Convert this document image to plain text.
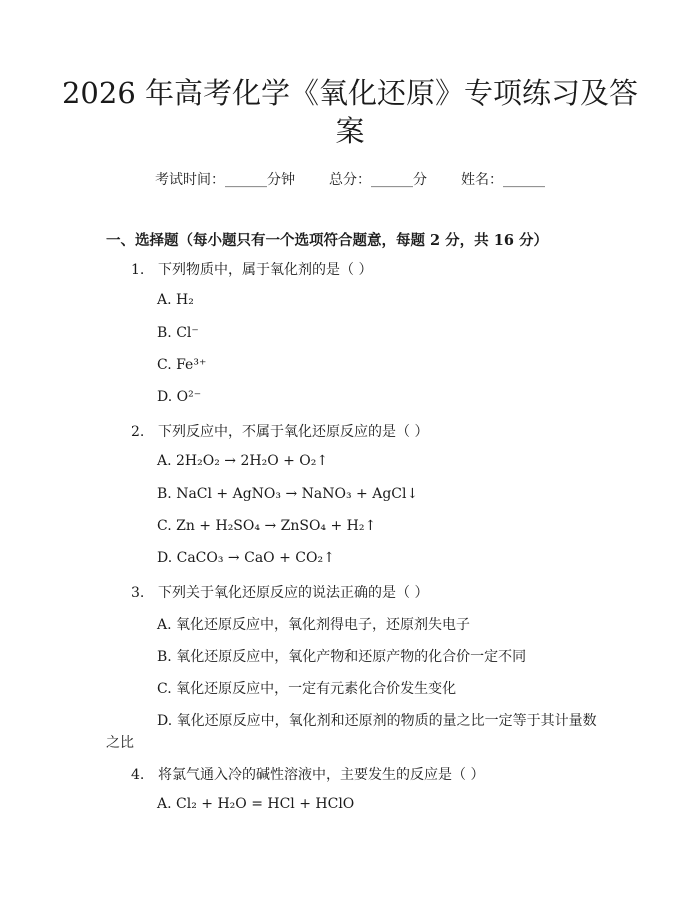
2026 年高考化学《氧化还原》专项练习及答
案
考试时间：______分钟 总分：______分 姓名：______
一、选择题（每小题只有一个选项符合题意，每题 2 分，共 16 分）
1. 下列物质中，属于氧化剂的是（ ）
A. H₂
B. Cl⁻
C. Fe³⁺
D. O²⁻
2. 下列反应中，不属于氧化还原反应的是（ ）
A. 2H₂O₂ → 2H₂O + O₂↑
B. NaCl + AgNO₃ → NaNO₃ + AgCl↓
C. Zn + H₂SO₄ → ZnSO₄ + H₂↑
D. CaCO₃ → CaO + CO₂↑
3. 下列关于氧化还原反应的说法正确的是（ ）
A. 氧化还原反应中，氧化剂得电子，还原剂失电子
B. 氧化还原反应中，氧化产物和还原产物的化合价一定不同
C. 氧化还原反应中，一定有元素化合价发生变化
D. 氧化还原反应中，氧化剂和还原剂的物质的量之比一定等于其计量数
之比
4. 将氯气通入冷的碱性溶液中，主要发生的反应是（ ）
A. Cl₂ + H₂O = HCl + HClO
